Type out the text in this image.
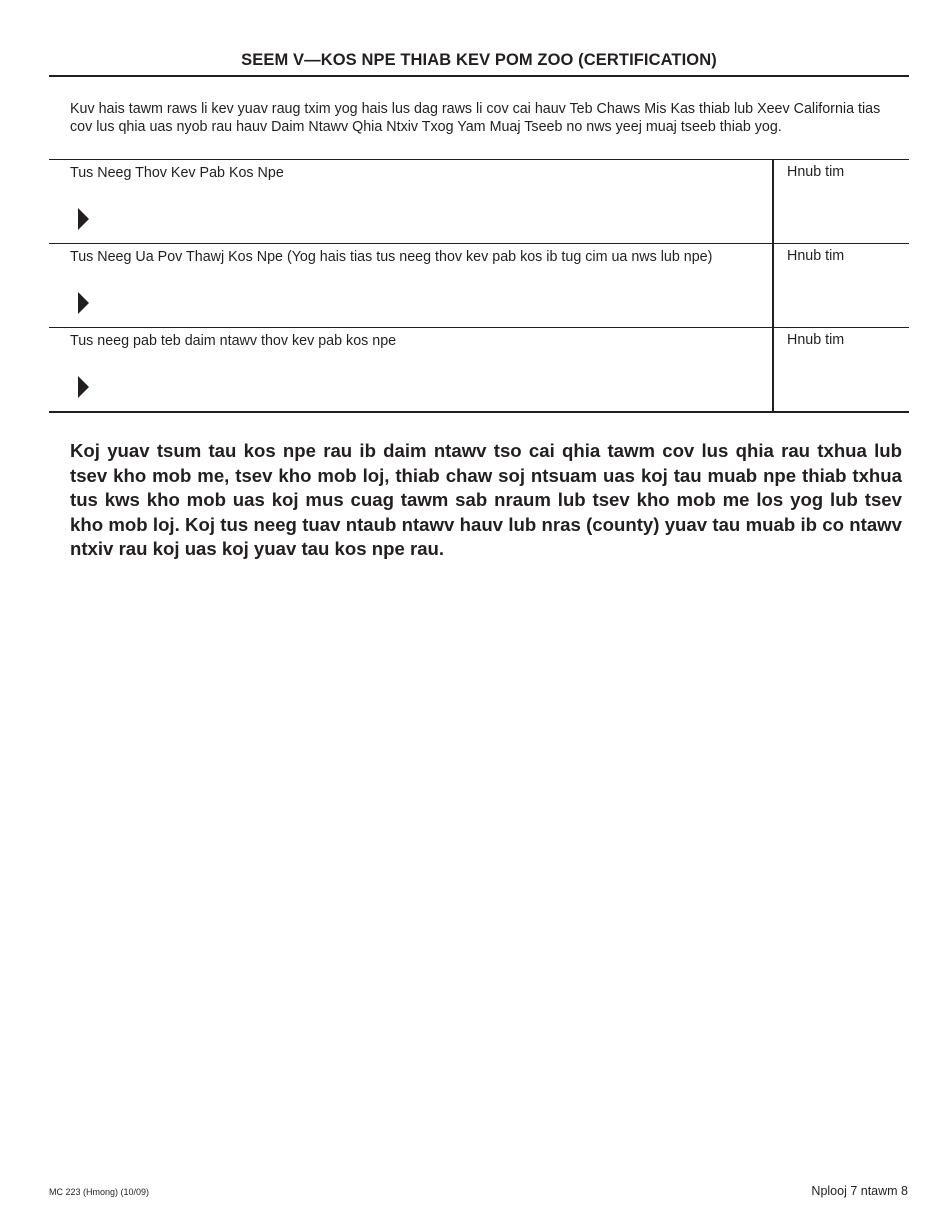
SEEM V—KOS NPE THIAB KEV POM ZOO (CERTIFICATION)
Kuv hais tawm raws li kev yuav raug txim yog hais lus dag raws li cov cai hauv Teb Chaws Mis Kas thiab lub Xeev California tias cov lus qhia uas nyob rau hauv Daim Ntawv Qhia Ntxiv Txog Yam Muaj Tseeb no nws yeej muaj tseeb thiab yog.
Tus Neeg Thov Kev Pab Kos Npe	Hnub tim

Tus Neeg Ua Pov Thawj Kos Npe (Yog hais tias tus neeg thov kev pab kos ib tug cim ua nws lub npe)	Hnub tim

Tus neeg pab teb daim ntawv thov kev pab kos npe	Hnub tim
Koj yuav tsum tau kos npe rau ib daim ntawv tso cai qhia tawm cov lus qhia rau txhua lub tsev kho mob me, tsev kho mob loj, thiab chaw soj ntsuam uas koj tau muab npe thiab txhua tus kws kho mob uas koj mus cuag tawm sab nraum lub tsev kho mob me los yog lub tsev kho mob loj. Koj tus neeg tuav ntaub ntawv hauv lub nras (county) yuav tau muab ib co ntawv ntxiv rau koj uas koj yuav tau kos npe rau.
MC 223 (Hmong) (10/09)	Nplooj 7 ntawm 8
